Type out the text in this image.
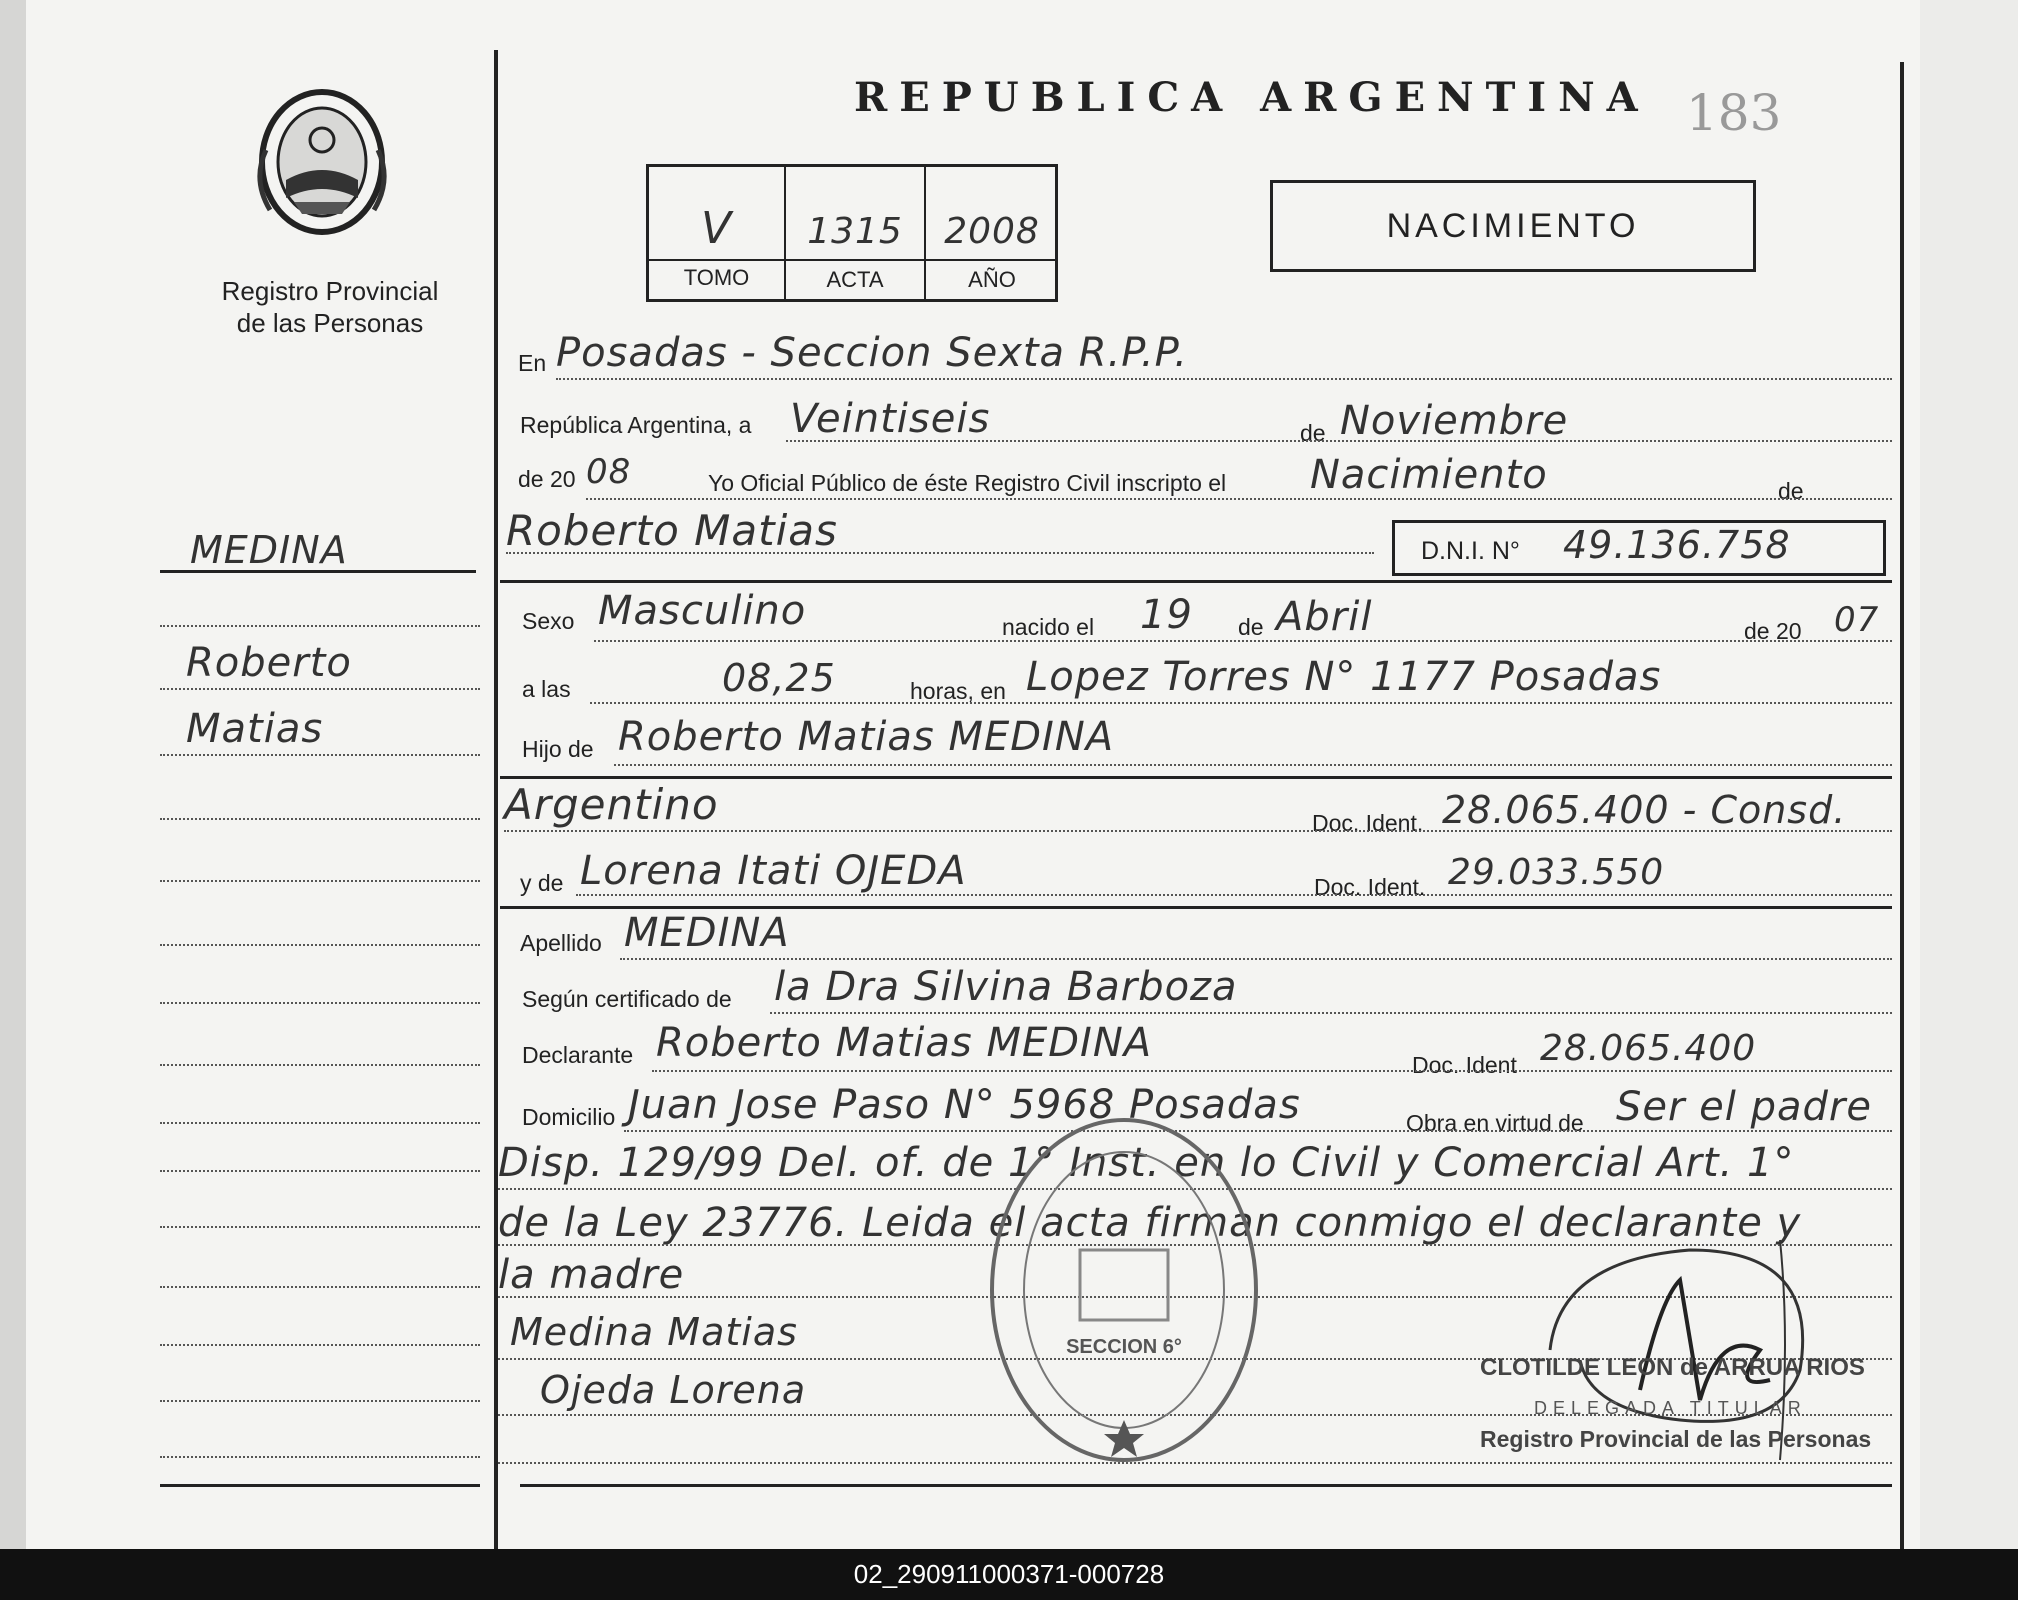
Registro Provincial
de las Personas
MEDINA
Roberto
Matias
REPUBLICA ARGENTINA 183
V	1315	2008
TOMO	ACTA	AÑO
NACIMIENTO
En Posadas - Seccion Sexta R.P.P.
República Argentina, a Veintiseis	de Noviembre
de 20 08	Yo Oficial Público de éste Registro Civil inscripto el Nacimiento	de
Roberto Matias	D.N.I. N° 49.136.758
Sexo Masculino	nacido el 19 de Abril	de 20 07
a las	08,25	horas, en Lopez Torres N° 1177 Posadas
Hijo de Roberto Matias MEDINA
Argentino	Doc. Ident. 28.065.400 - Consd.
y de Lorena Itati OJEDA	Doc. Ident. 29.033.550
Apellido MEDINA
Según certificado de la Dra Silvina Barboza
Declarante Roberto Matias MEDINA	Doc. Ident 28.065.400
Domicilio Juan Jose Paso N° 5968 Posadas	Obra en virtud de Ser el padre
Disp. 129/99 Del. of. de 1° Inst. en lo Civil y Comercial Art. 1°
de la Ley 23776. Leida el acta firman conmigo el declarante y
la madre
Medina Matias
Ojeda Lorena
SECCION 6°
CLOTILDE LEON de ARRUA RIOS
DELEGADA TITULAR
Registro Provincial de las Personas
02_290911000371-000728
